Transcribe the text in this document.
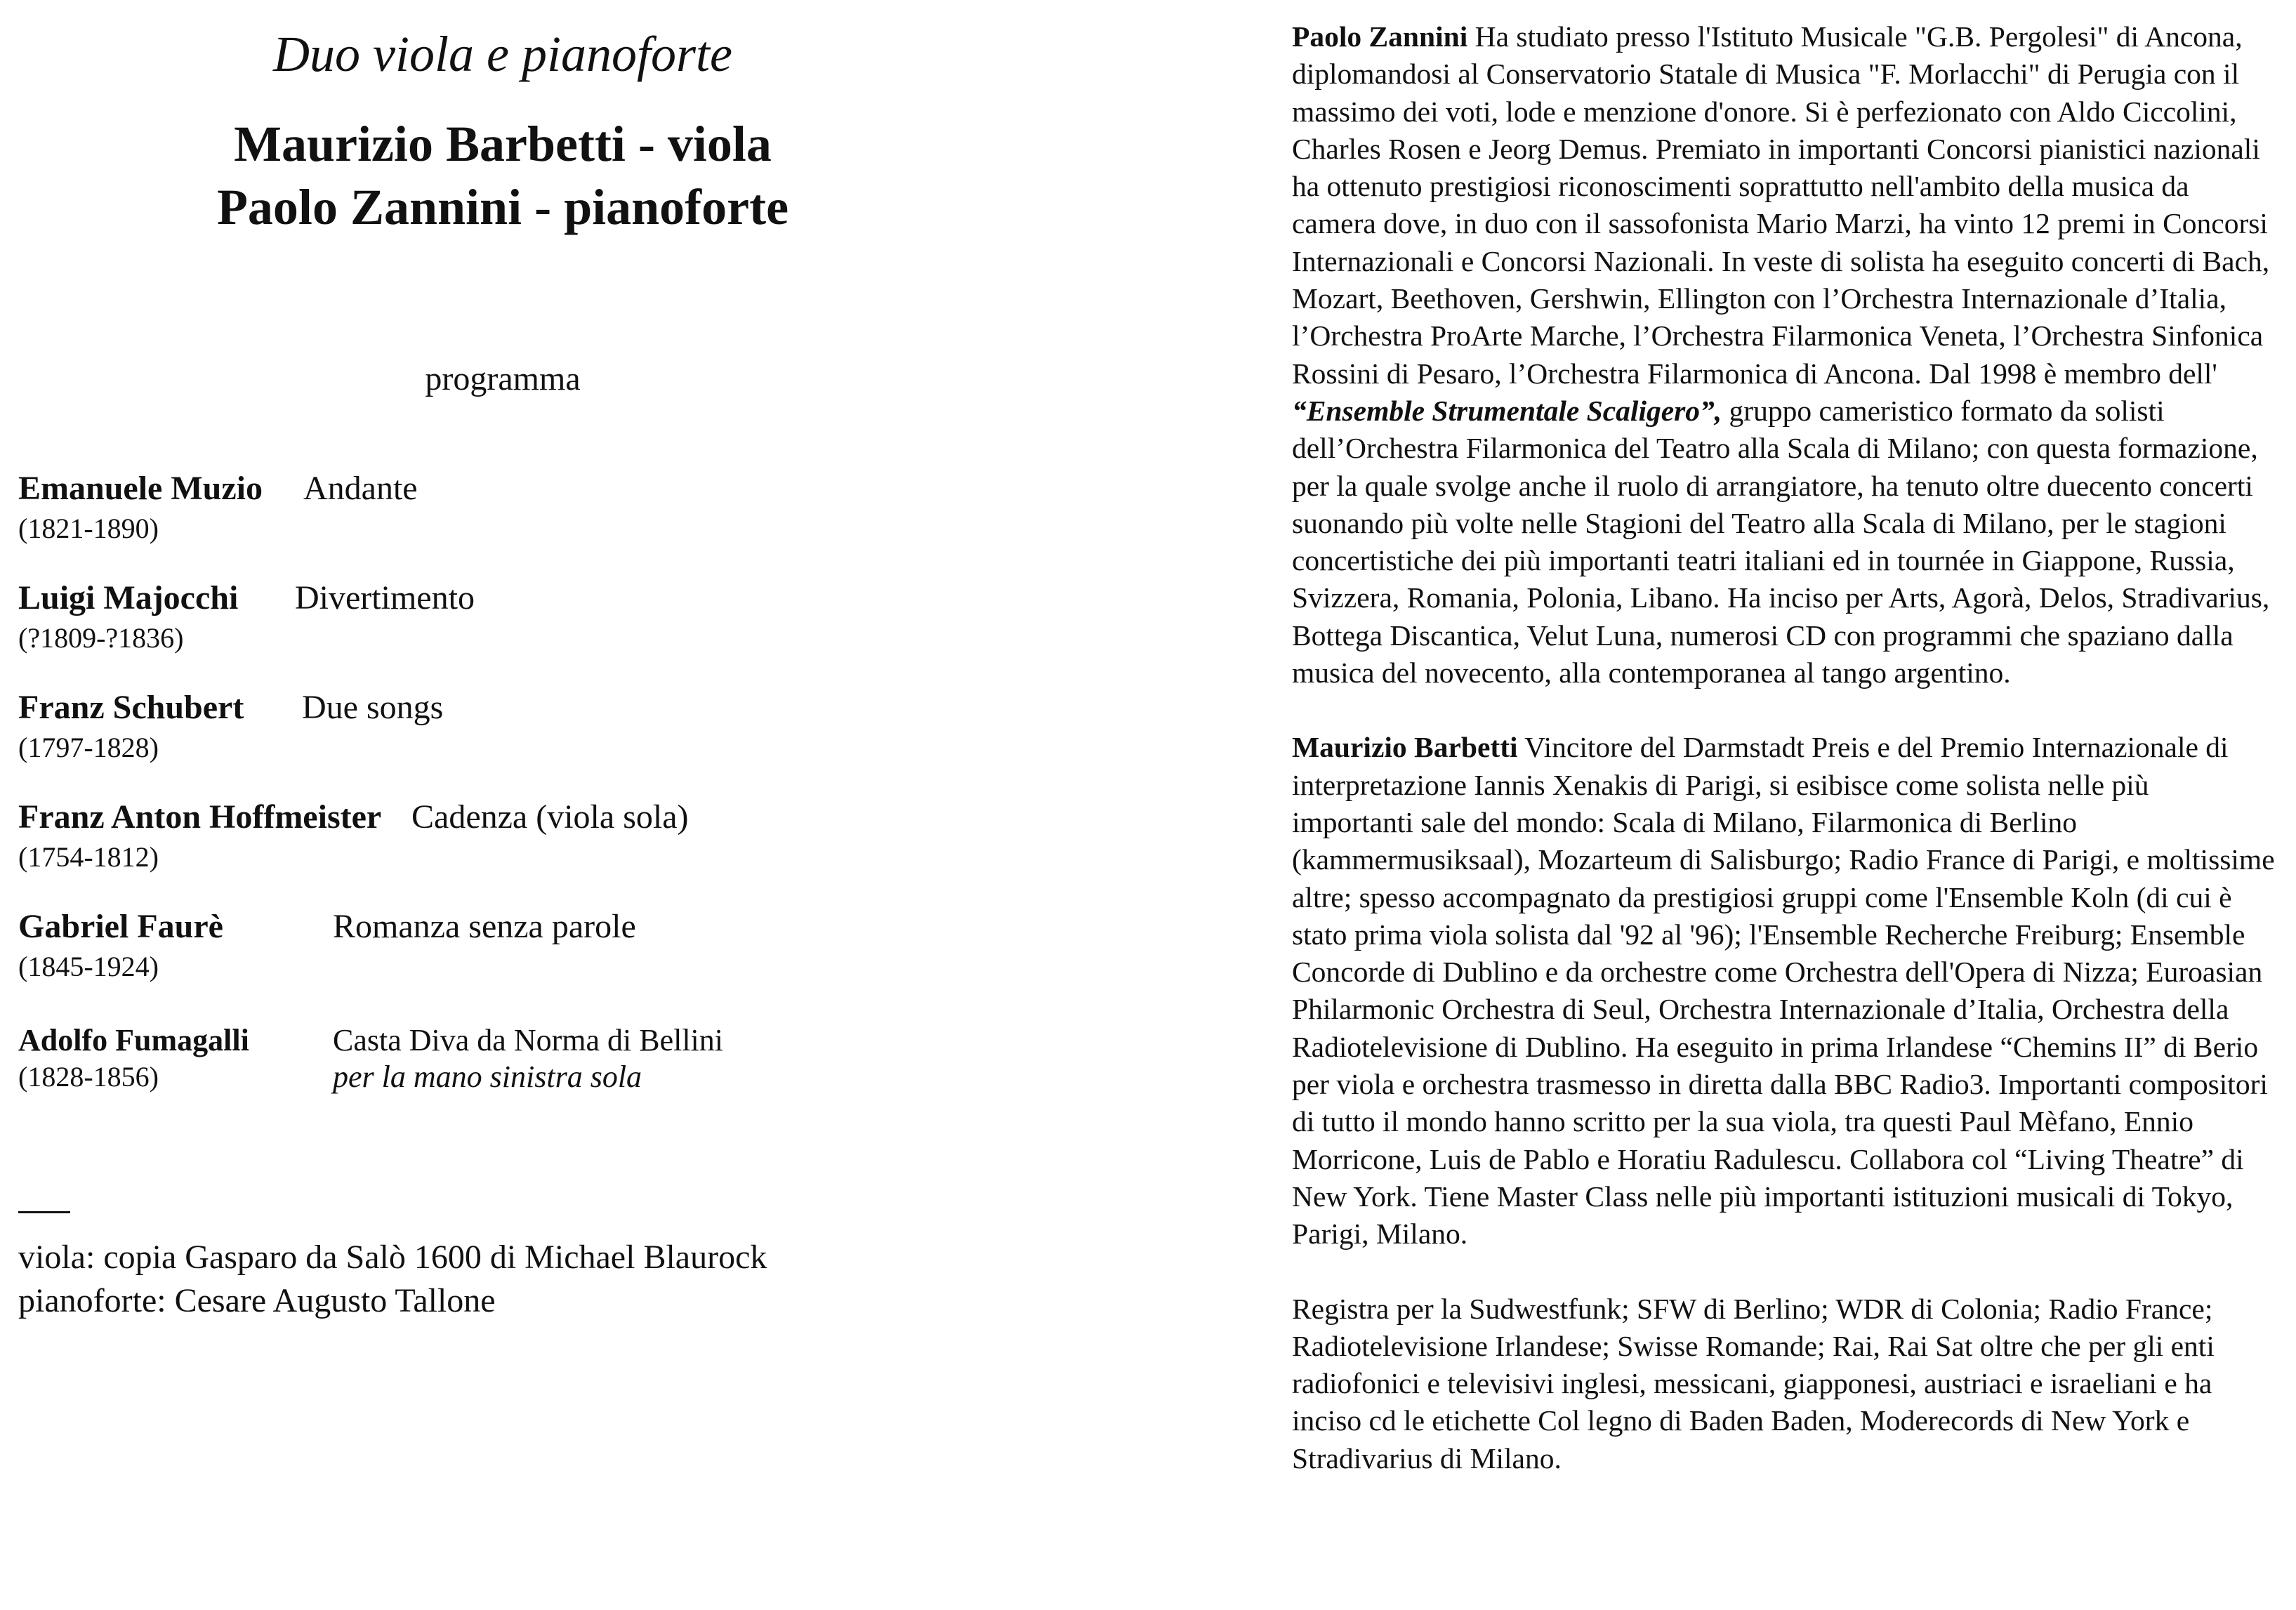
Duo viola e pianoforte
Maurizio Barbetti - viola
Paolo Zannini - pianoforte
programma
Emanuele Muzio Andante
(1821-1890)
Luigi Majocchi Divertimento
(?1809-?1836)
Franz Schubert Due songs
(1797-1828)
Franz Anton Hoffmeister Cadenza (viola sola)
(1754-1812)
Gabriel Faurè	Romanza senza parole
(1845-1924)
Adolfo Fumagalli	Casta Diva da Norma di Bellini
per la mano sinistra sola
(1828-1856)
viola: copia Gasparo da Salò 1600 di Michael Blaurock
pianoforte: Cesare Augusto Tallone

Paolo Zannini Ha studiato presso l'Istituto Musicale "G.B. Pergolesi" di Ancona, diplomandosi al Conservatorio Statale di Musica "F. Morlacchi" di Perugia con il massimo dei voti, lode e menzione d'onore. Si è perfezionato con Aldo Ciccolini, Charles Rosen e Jeorg Demus. Premiato in importanti Concorsi pianistici nazionali ha ottenuto prestigiosi riconoscimenti soprattutto nell'ambito della musica da camera dove, in duo con il sassofonista Mario Marzi, ha vinto 12 premi in Concorsi Internazionali e Concorsi Nazionali. In veste di solista ha eseguito concerti di Bach, Mozart, Beethoven, Gershwin, Ellington con l’Orchestra Internazionale d’Italia, l’Orchestra ProArte Marche, l’Orchestra Filarmonica Veneta, l’Orchestra Sinfonica Rossini di Pesaro, l’Orchestra Filarmonica di Ancona. Dal 1998 è membro dell' “Ensemble Strumentale Scaligero”, gruppo cameristico formato da solisti dell’Orchestra Filarmonica del Teatro alla Scala di Milano; con questa formazione, per la quale svolge anche il ruolo di arrangiatore, ha tenuto oltre duecento concerti suonando più volte nelle Stagioni del Teatro alla Scala di Milano, per le stagioni concertistiche dei più importanti teatri italiani ed in tournée in Giappone, Russia, Svizzera, Romania, Polonia, Libano. Ha inciso per Arts, Agorà, Delos, Stradivarius, Bottega Discantica, Velut Luna, numerosi CD con programmi che spaziano dalla musica del novecento, alla contemporanea al tango argentino.

Maurizio Barbetti Vincitore del Darmstadt Preis e del Premio Internazionale di interpretazione Iannis Xenakis di Parigi, si esibisce come solista nelle più importanti sale del mondo: Scala di Milano, Filarmonica di Berlino (kammermusiksaal), Mozarteum di Salisburgo; Radio France di Parigi, e moltissime altre; spesso accompagnato da prestigiosi gruppi come l'Ensemble Koln (di cui è stato prima viola solista dal '92 al '96); l'Ensemble Recherche Freiburg; Ensemble Concorde di Dublino e da orchestre come Orchestra dell'Opera di Nizza; Euroasian Philarmonic Orchestra di Seul, Orchestra Internazionale d’Italia, Orchestra della Radiotelevisione di Dublino. Ha eseguito in prima Irlandese “Chemins II” di Berio per viola e orchestra trasmesso in diretta dalla BBC Radio3. Importanti compositori di tutto il mondo hanno scritto per la sua viola, tra questi Paul Mèfano, Ennio Morricone, Luis de Pablo e Horatiu Radulescu. Collabora col “Living Theatre” di New York. Tiene Master Class nelle più importanti istituzioni musicali di Tokyo, Parigi, Milano.

Registra per la Sudwestfunk; SFW di Berlino; WDR di Colonia; Radio France; Radiotelevisione Irlandese; Swisse Romande; Rai, Rai Sat oltre che per gli enti radiofonici e televisivi inglesi, messicani, giapponesi, austriaci e israeliani e ha inciso cd le etichette Col legno di Baden Baden, Moderecords di New York e Stradivarius di Milano.
